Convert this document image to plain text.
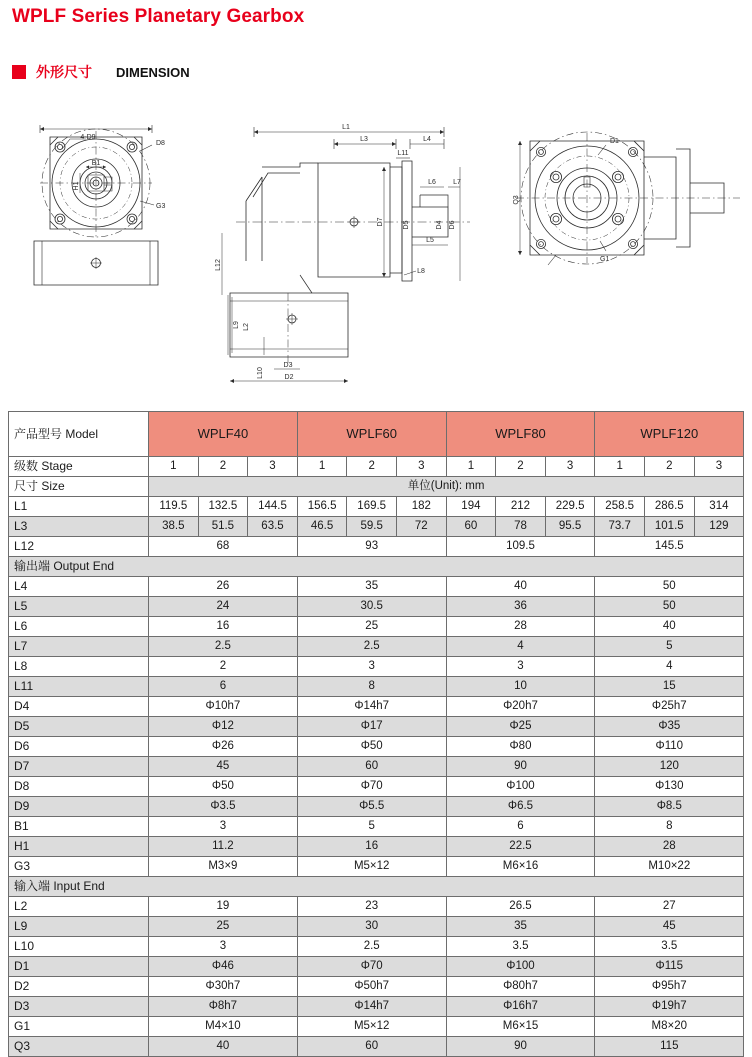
WPLF Series Planetary Gearbox
外形尺寸 DIMENSION
4-D9
D8
G3
B1
H1
L1
L3	L4
L11
D7	D5	D4 D6
L6 L7
L5
L8
L12
L9 L2
L10
D3
D2
Q3
D1
G1
产品型号 Model	WPLF40			WPLF60			WPLF80			WPLF120		
级数 Stage	1	2	3	1	2	3	1	2	3	1	2	3
尺寸 Size	单位(Unit): mm											
L1	119.5	132.5	144.5	156.5	169.5	182	194	212	229.5	258.5	286.5	314
L3	38.5	51.5	63.5	46.5	59.5	72	60	78	95.5	73.7	101.5	129
L12	68			93			109.5			145.5		
输出端 Output End												
L4	26			35			40			50		
L5	24			30.5			36			50		
L6	16			25			28			40		
L7	2.5			2.5			4			5		
L8	2			3			3			4		
L11	6			8			10			15		
D4	Φ10h7			Φ14h7			Φ20h7			Φ25h7		
D5	Φ12			Φ17			Φ25			Φ35		
D6	Φ26			Φ50			Φ80			Φ110		
D7	45			60			90			120		
D8	Φ50			Φ70			Φ100			Φ130		
D9	Φ3.5			Φ5.5			Φ6.5			Φ8.5		
B1	3			5			6			8		
H1	11.2			16			22.5			28		
G3	M3×9			M5×12			M6×16			M10×22		
输入端 Input End												
L2	19			23			26.5			27		
L9	25			30			35			45		
L10	3			2.5			3.5			3.5		
D1	Φ46			Φ70			Φ100			Φ115		
D2	Φ30h7			Φ50h7			Φ80h7			Φ95h7		
D3	Φ8h7			Φ14h7			Φ16h7			Φ19h7		
G1	M4×10			M5×12			M6×15			M8×20		
Q3	40			60			90			115		
